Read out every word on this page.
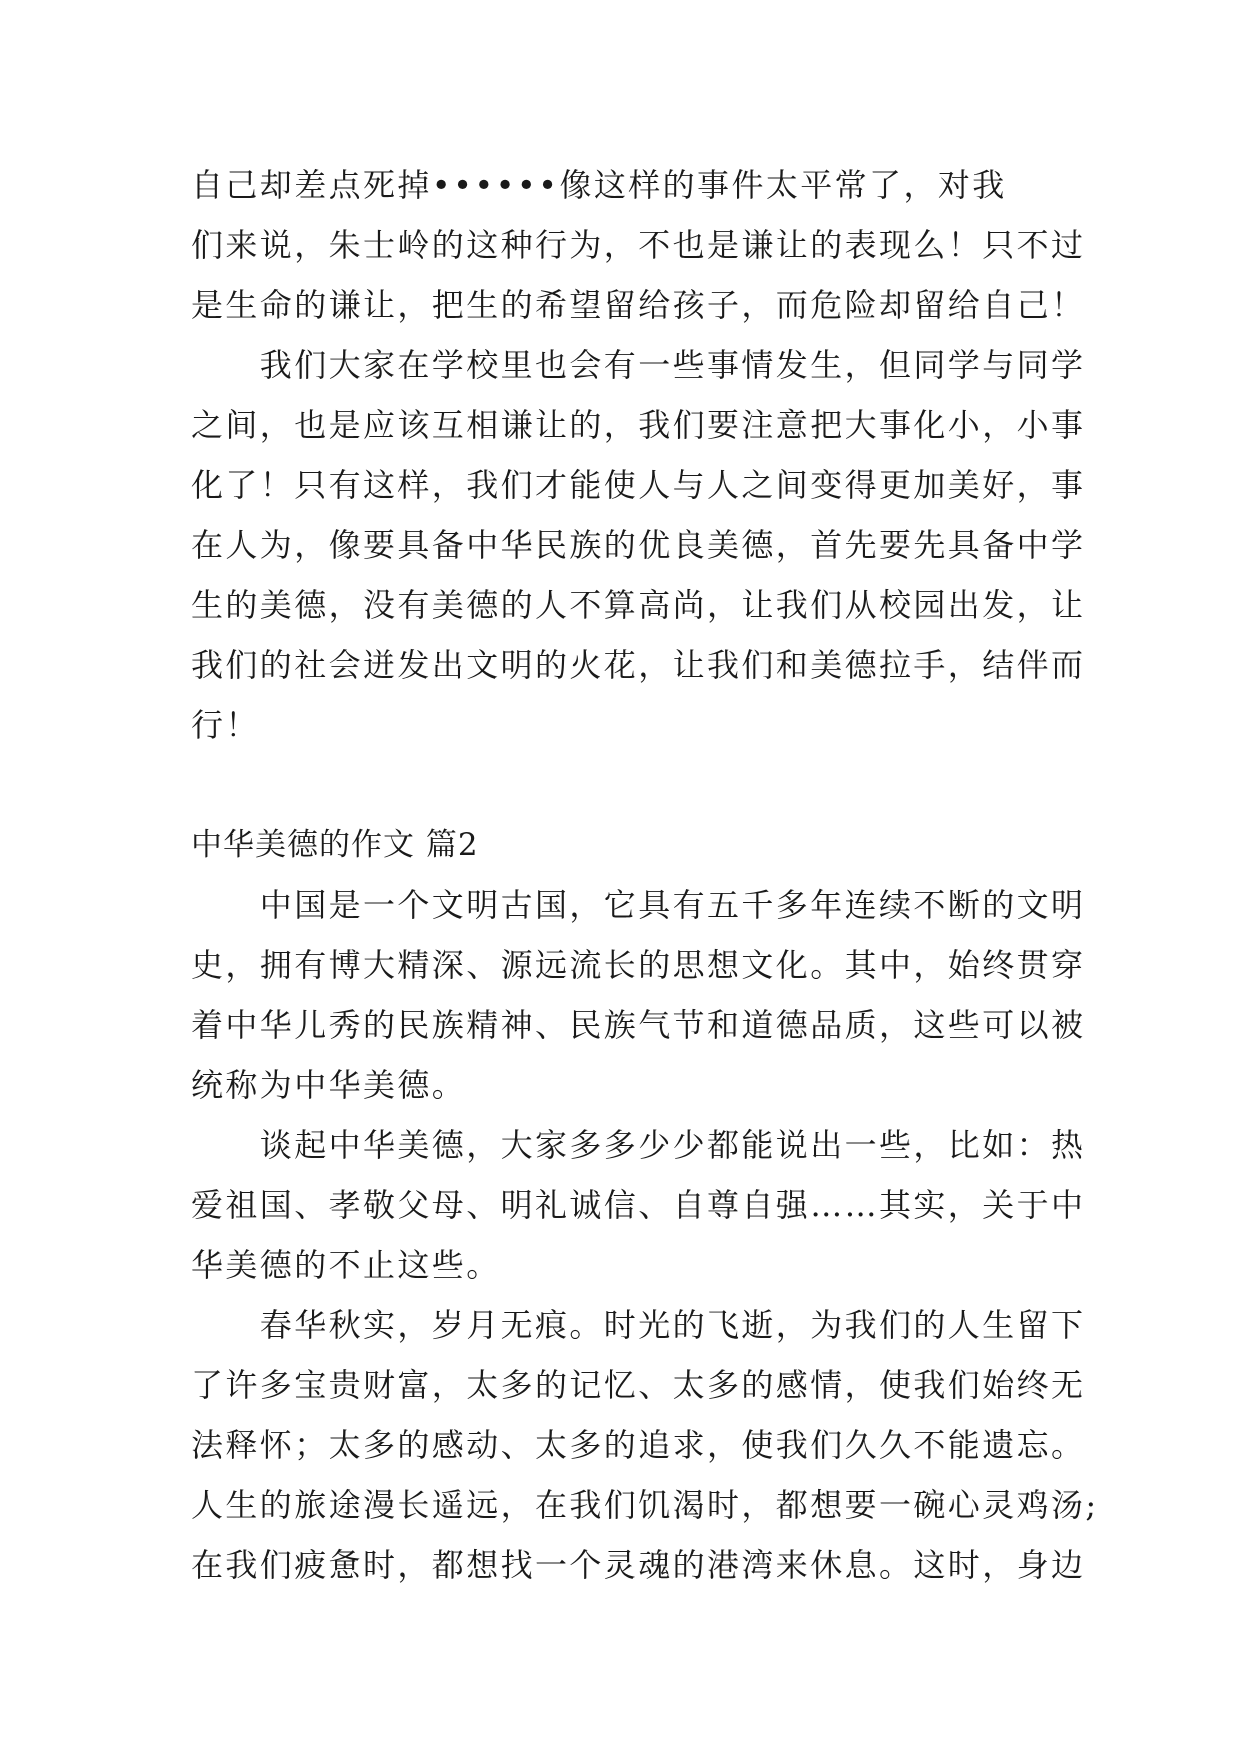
自己却差点死掉••••••像这样的事件太平常了，对我
们来说，朱士岭的这种行为，不也是谦让的表现么！只不过
是生命的谦让，把生的希望留给孩子，而危险却留给自己！
　　我们大家在学校里也会有一些事情发生，但同学与同学
之间，也是应该互相谦让的，我们要注意把大事化小，小事
化了！只有这样，我们才能使人与人之间变得更加美好，事
在人为，像要具备中华民族的优良美德，首先要先具备中学
生的美德，没有美德的人不算高尚，让我们从校园出发，让
我们的社会迸发出文明的火花，让我们和美德拉手，结伴而
行！
中华美德的作文 篇2
　　中国是一个文明古国，它具有五千多年连续不断的文明
史，拥有博大精深、源远流长的思想文化。其中，始终贯穿
着中华儿秀的民族精神、民族气节和道德品质，这些可以被
统称为中华美德。
　　谈起中华美德，大家多多少少都能说出一些，比如：热
爱祖国、孝敬父母、明礼诚信、自尊自强……其实，关于中
华美德的不止这些。
　　春华秋实，岁月无痕。时光的飞逝，为我们的人生留下
了许多宝贵财富，太多的记忆、太多的感情，使我们始终无
法释怀；太多的感动、太多的追求，使我们久久不能遗忘。
人生的旅途漫长遥远，在我们饥渴时，都想要一碗心灵鸡汤;
在我们疲惫时，都想找一个灵魂的港湾来休息。这时，身边
